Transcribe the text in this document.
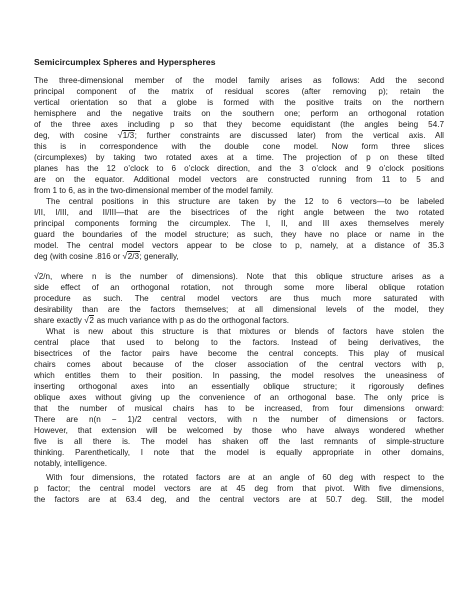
Semicircumplex Spheres and Hyperspheres
The three-dimensional member of the model family arises as follows: Add the second
principal component of the matrix of residual scores (after removing p); retain the
vertical orientation so that a globe is formed with the positive traits on the northern
hemisphere and the negative traits on the southern one; perform an orthogonal rotation
of the three axes including p so that they become equidistant (the angles being 54.7
deg, with cosine √1/3; further constraints are discussed later) from the vertical axis. All
this is in correspondence with the double cone model. Now form three slices
(circumplexes) by taking two rotated axes at a time. The projection of p on these tilted
planes has the 12 o’clock to 6 o’clock direction, and the 3 o’clock and 9 o’clock positions
are on the equator. Additional model vectors are constructed running from 11 to 5 and
from 1 to 6, as in the two-dimensional member of the model family.
The central positions in this structure are taken by the 12 to 6 vectors—to be labeled
I/II, I/III, and II/III—that are the bisectrices of the right angle between the two rotated
principal components forming the circumplex. The I, II, and III axes themselves merely
guard the boundaries of the model structure; as such, they have no place or name in the
model. The central model vectors appear to be close to p, namely, at a distance of 35.3
deg (with cosine .816 or √2/3; generally,
√2/n, where n is the number of dimensions). Note that this oblique structure arises as a
side effect of an orthogonal rotation, not through some more liberal oblique rotation
procedure as such. The central model vectors are thus much more saturated with
desirability than are the factors themselves; at all dimensional levels of the model, they
share exactly √2 as much variance with p as do the orthogonal factors.
What is new about this structure is that mixtures or blends of factors have stolen the
central place that used to belong to the factors. Instead of being derivatives, the
bisectrices of the factor pairs have become the central concepts. This play of musical
chairs comes about because of the closer association of the central vectors with p,
which entitles them to their position. In passing, the model resolves the uneasiness of
inserting orthogonal axes into an essentially oblique structure; it rigorously defines
oblique axes without giving up the convenience of an orthogonal base. The only price is
that the number of musical chairs has to be increased, from four dimensions onward:
There are n(n − 1)/2 central vectors, with n the number of dimensions or factors.
However, that extension will be welcomed by those who have always wondered whether
five is all there is. The model has shaken off the last remnants of simple-structure
thinking. Parenthetically, I note that the model is equally appropriate in other domains,
notably, intelligence.
With four dimensions, the rotated factors are at an angle of 60 deg with respect to the
p factor; the central model vectors are at 45 deg from that pivot. With five dimensions,
the factors are at 63.4 deg, and the central vectors are at 50.7 deg. Still, the model
